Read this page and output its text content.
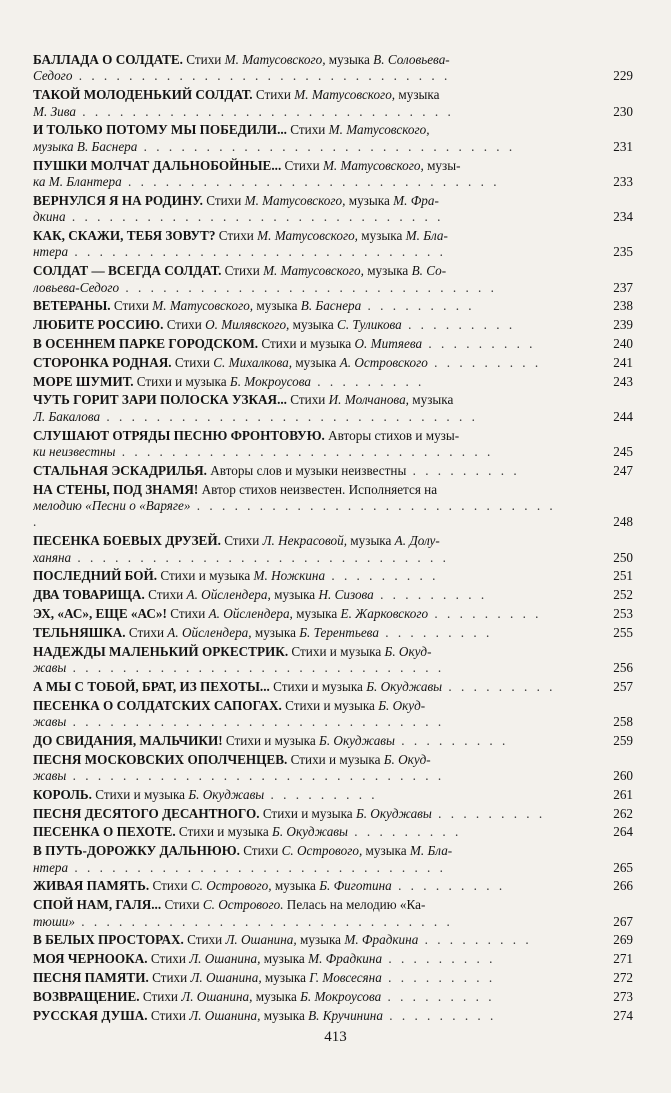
БАЛЛАДА О СОЛДАТЕ. Стихи М. Матусовского, музыка В. Соловьева-
Седого . . . . . . . . . . . . . . . . . . . . . . . . . . . . . .	229
ТАКОЙ МОЛОДЕНЬКИЙ СОЛДАТ. Стихи М. Матусовского, музыка
М. Зива . . . . . . . . . . . . . . . . . . . . . . . . . . . . . .	230
И ТОЛЬКО ПОТОМУ МЫ ПОБЕДИЛИ... Стихи М. Матусовского,
музыка В. Баснера . . . . . . . . . . . . . . . . . . . . . . . . . . . . . .	231
ПУШКИ МОЛЧАТ ДАЛЬНОБОЙНЫЕ... Стихи М. Матусовского, музы-
ка М. Блантера . . . . . . . . . . . . . . . . . . . . . . . . . . . . . .	233
ВЕРНУЛСЯ Я НА РОДИНУ. Стихи М. Матусовского, музыка М. Фра-
дкина . . . . . . . . . . . . . . . . . . . . . . . . . . . . . .	234
КАК, СКАЖИ, ТЕБЯ ЗОВУТ? Стихи М. Матусовского, музыка М. Бла-
нтера . . . . . . . . . . . . . . . . . . . . . . . . . . . . . .	235
СОЛДАТ — ВСЕГДА СОЛДАТ. Стихи М. Матусовского, музыка В. Со-
ловьева-Седого . . . . . . . . . . . . . . . . . . . . . . . . . . . . . .	237
ВЕТЕРАНЫ. Стихи М. Матусовского, музыка В. Баснера . . . . . . . . .	238
ЛЮБИТЕ РОССИЮ. Стихи О. Милявского, музыка С. Туликова . . . . . . . . .	239
В ОСЕННЕМ ПАРКЕ ГОРОДСКОМ. Стихи и музыка О. Митяева . . . . . . . . .	240
СТОРОНКА РОДНАЯ. Стихи С. Михалкова, музыка А. Островского . . . . . . . . .	241
МОРЕ ШУМИТ. Стихи и музыка Б. Мокроусова . . . . . . . . .	243
ЧУТЬ ГОРИТ ЗАРИ ПОЛОСКА УЗКАЯ... Стихи И. Молчанова, музыка
Л. Бакалова . . . . . . . . . . . . . . . . . . . . . . . . . . . . . .	244
СЛУШАЮТ ОТРЯДЫ ПЕСНЮ ФРОНТОВУЮ. Авторы стихов и музы-
ки неизвестны . . . . . . . . . . . . . . . . . . . . . . . . . . . . . .	245
СТАЛЬНАЯ ЭСКАДРИЛЬЯ. Авторы слов и музыки неизвестны . . . . . . . . .	247
НА СТЕНЫ, ПОД ЗНАМЯ! Автор стихов неизвестен. Исполняется на
мелодию «Песни о «Варяге» . . . . . . . . . . . . . . . . . . . . . . . . . . . . . .	248
ПЕСЕНКА БОЕВЫХ ДРУЗЕЙ. Стихи Л. Некрасовой, музыка А. Долу-
ханяна . . . . . . . . . . . . . . . . . . . . . . . . . . . . . .	250
ПОСЛЕДНИЙ БОЙ. Стихи и музыка М. Ножкина . . . . . . . . .	251
ДВА ТОВАРИЩА. Стихи А. Ойслендера, музыка Н. Сизова . . . . . . . . .	252
ЭХ, «АС», ЕЩЕ «АС»! Стихи А. Ойслендера, музыка Е. Жарковского . . . . . . . . .	253
ТЕЛЬНЯШКА. Стихи А. Ойслендера, музыка Б. Терентьева . . . . . . . . .	255
НАДЕЖДЫ МАЛЕНЬКИЙ ОРКЕСТРИК. Стихи и музыка Б. Окуд-
жавы . . . . . . . . . . . . . . . . . . . . . . . . . . . . . .	256
А МЫ С ТОБОЙ, БРАТ, ИЗ ПЕХОТЫ... Стихи и музыка Б. Окуджавы . . . . . . . . .	257
ПЕСЕНКА О СОЛДАТСКИХ САПОГАХ. Стихи и музыка Б. Окуд-
жавы . . . . . . . . . . . . . . . . . . . . . . . . . . . . . .	258
ДО СВИДАНИЯ, МАЛЬЧИКИ! Стихи и музыка Б. Окуджавы . . . . . . . . .	259
ПЕСНЯ МОСКОВСКИХ ОПОЛЧЕНЦЕВ. Стихи и музыка Б. Окуд-
жавы . . . . . . . . . . . . . . . . . . . . . . . . . . . . . .	260
КОРОЛЬ. Стихи и музыка Б. Окуджавы . . . . . . . . .	261
ПЕСНЯ ДЕСЯТОГО ДЕСАНТНОГО. Стихи и музыка Б. Окуджавы . . . . . . . . .	262
ПЕСЕНКА О ПЕХОТЕ. Стихи и музыка Б. Окуджавы . . . . . . . . .	264
В ПУТЬ-ДОРОЖКУ ДАЛЬНЮЮ. Стихи С. Острового, музыка М. Бла-
нтера . . . . . . . . . . . . . . . . . . . . . . . . . . . . . .	265
ЖИВАЯ ПАМЯТЬ. Стихи С. Острового, музыка Б. Фиготина . . . . . . . . .	266
СПОЙ НАМ, ГАЛЯ... Стихи С. Острового. Пелась на мелодию «Ка-
тюши» . . . . . . . . . . . . . . . . . . . . . . . . . . . . . .	267
В БЕЛЫХ ПРОСТОРАХ. Стихи Л. Ошанина, музыка М. Фрадкина . . . . . . . . .	269
МОЯ ЧЕРНООКА. Стихи Л. Ошанина, музыка М. Фрадкина . . . . . . . . .	271
ПЕСНЯ ПАМЯТИ. Стихи Л. Ошанина, музыка Г. Мовсесяна . . . . . . . . .	272
ВОЗВРАЩЕНИЕ. Стихи Л. Ошанина, музыка Б. Мокроусова . . . . . . . . .	273
РУССКАЯ ДУША. Стихи Л. Ошанина, музыка В. Кручинина . . . . . . . . .	274
413
